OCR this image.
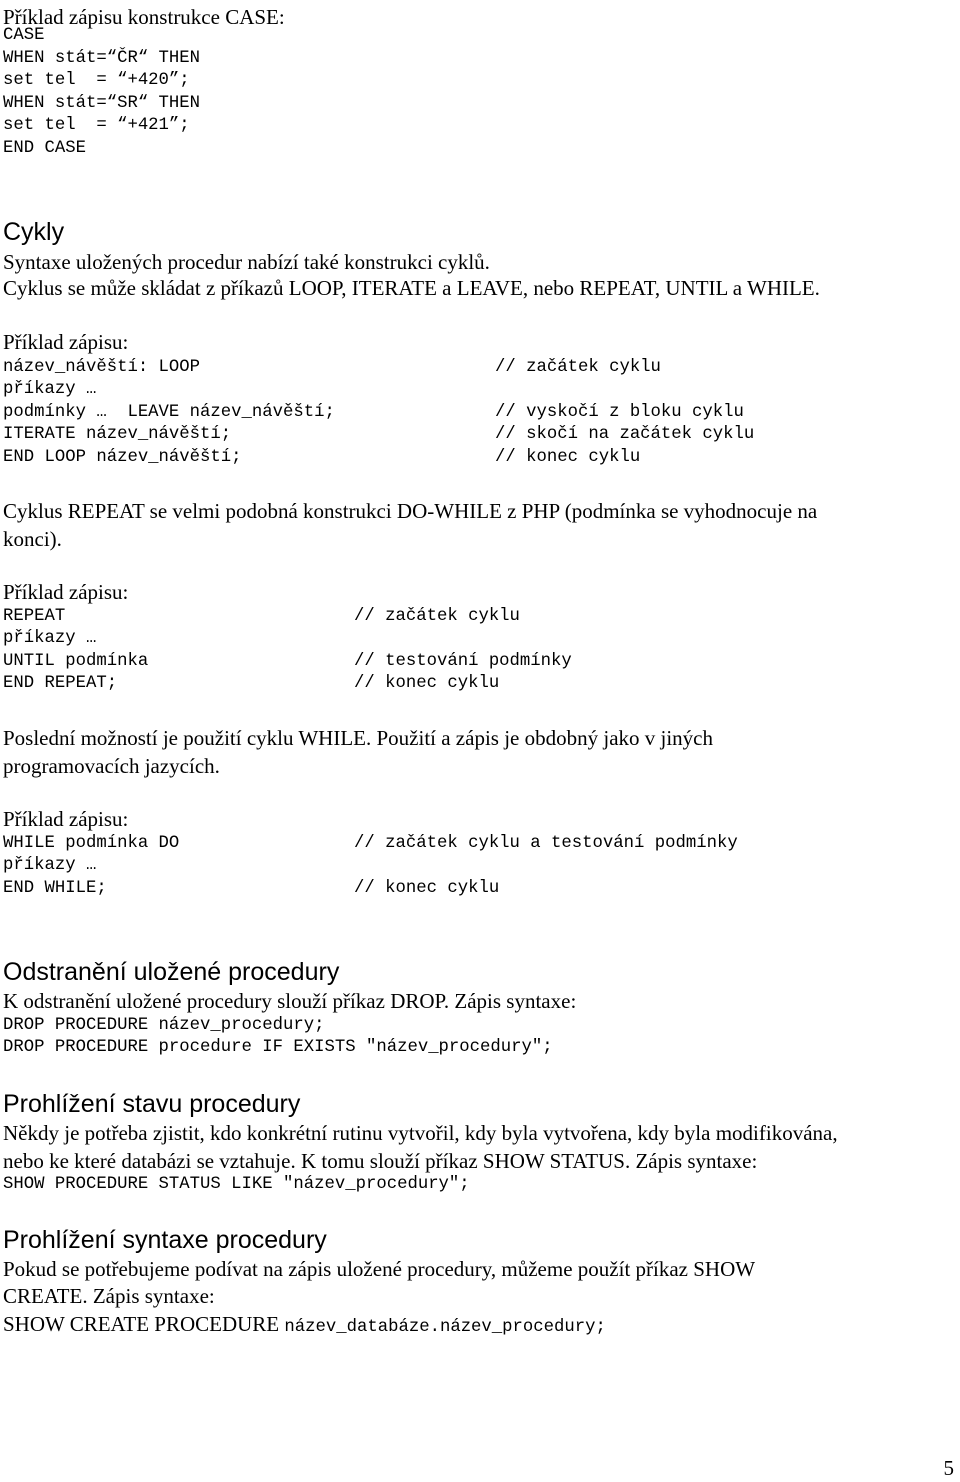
Příklad zápisu konstrukce CASE:
CASE
WHEN stát=“ČR“ THEN
set tel  = “+420”;
WHEN stát=“SR“ THEN
set tel  = “+421”;
END CASE
Cykly
Syntaxe uložených procedur nabízí také konstrukci cyklů.
Cyklus se může skládat z příkazů LOOP, ITERATE a LEAVE, nebo REPEAT, UNTIL a WHILE.
Příklad zápisu:
název_návěští: LOOP
příkazy …
podmínky …  LEAVE název_návěští;
ITERATE název_návěští;
END LOOP název_návěští;
// začátek cyklu
// vyskočí z bloku cyklu
// skočí na začátek cyklu
// konec cyklu
Cyklus REPEAT se velmi podobná konstrukci DO-WHILE z PHP (podmínka se vyhodnocuje na
konci).
Příklad zápisu:
REPEAT
příkazy …
UNTIL podmínka
END REPEAT;
// začátek cyklu
// testování podmínky
// konec cyklu
Poslední možností je použití cyklu WHILE. Použití a zápis je obdobný jako v jiných
programovacích jazycích.
Příklad zápisu:
WHILE podmínka DO
příkazy …
END WHILE;
// začátek cyklu a testování podmínky
// konec cyklu
Odstranění uložené procedury
K odstranění uložené procedury slouží příkaz DROP. Zápis syntaxe:
DROP PROCEDURE název_procedury;
DROP PROCEDURE procedure IF EXISTS "název_procedury";
Prohlížení stavu procedury
Někdy je potřeba zjistit, kdo konkrétní rutinu vytvořil, kdy byla vytvořena, kdy byla modifikována,
nebo ke které databázi se vztahuje. K tomu slouží příkaz SHOW STATUS. Zápis syntaxe:
SHOW PROCEDURE STATUS LIKE "název_procedury";
Prohlížení syntaxe procedury
Pokud se potřebujeme podívat na zápis uložené procedury, můžeme použít příkaz SHOW
CREATE. Zápis syntaxe:
SHOW CREATE PROCEDURE název_databáze.název_procedury;
5
